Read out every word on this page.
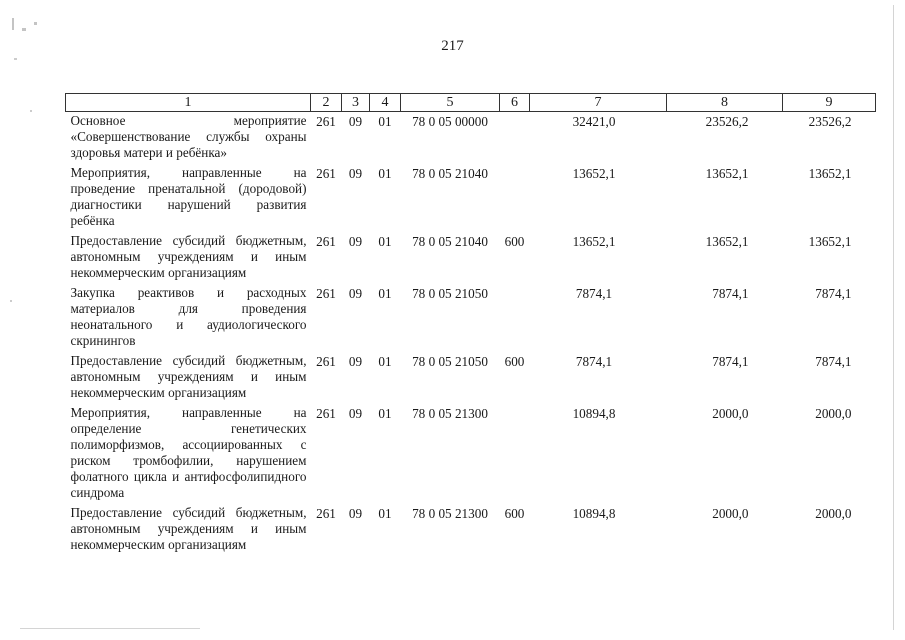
217
1	2	3	4	5	6	7	8	9
Основное мероприятие «Совершенствование службы охраны здоровья матери и ребёнка»	261	09	01	78 0 05 00000		32421,0	23526,2	23526,2
Мероприятия, направленные на проведение пренатальной (дородовой) диагностики нарушений развития ребёнка	261	09	01	78 0 05 21040		13652,1	13652,1	13652,1
Предоставление субсидий бюджетным, автономным учреждениям и иным некоммерческим организациям	261	09	01	78 0 05 21040	600	13652,1	13652,1	13652,1
Закупка реактивов и расходных материалов для проведения неонатального и аудиологического скринингов	261	09	01	78 0 05 21050		7874,1	7874,1	7874,1
Предоставление субсидий бюджетным, автономным учреждениям и иным некоммерческим организациям	261	09	01	78 0 05 21050	600	7874,1	7874,1	7874,1
Мероприятия, направленные на определение генетических полиморфизмов, ассоциированных с риском тромбофилии, нарушением фолатного цикла и антифосфолипидного синдрома	261	09	01	78 0 05 21300		10894,8	2000,0	2000,0
Предоставление субсидий бюджетным, автономным учреждениям и иным некоммерческим организациям	261	09	01	78 0 05 21300	600	10894,8	2000,0	2000,0
